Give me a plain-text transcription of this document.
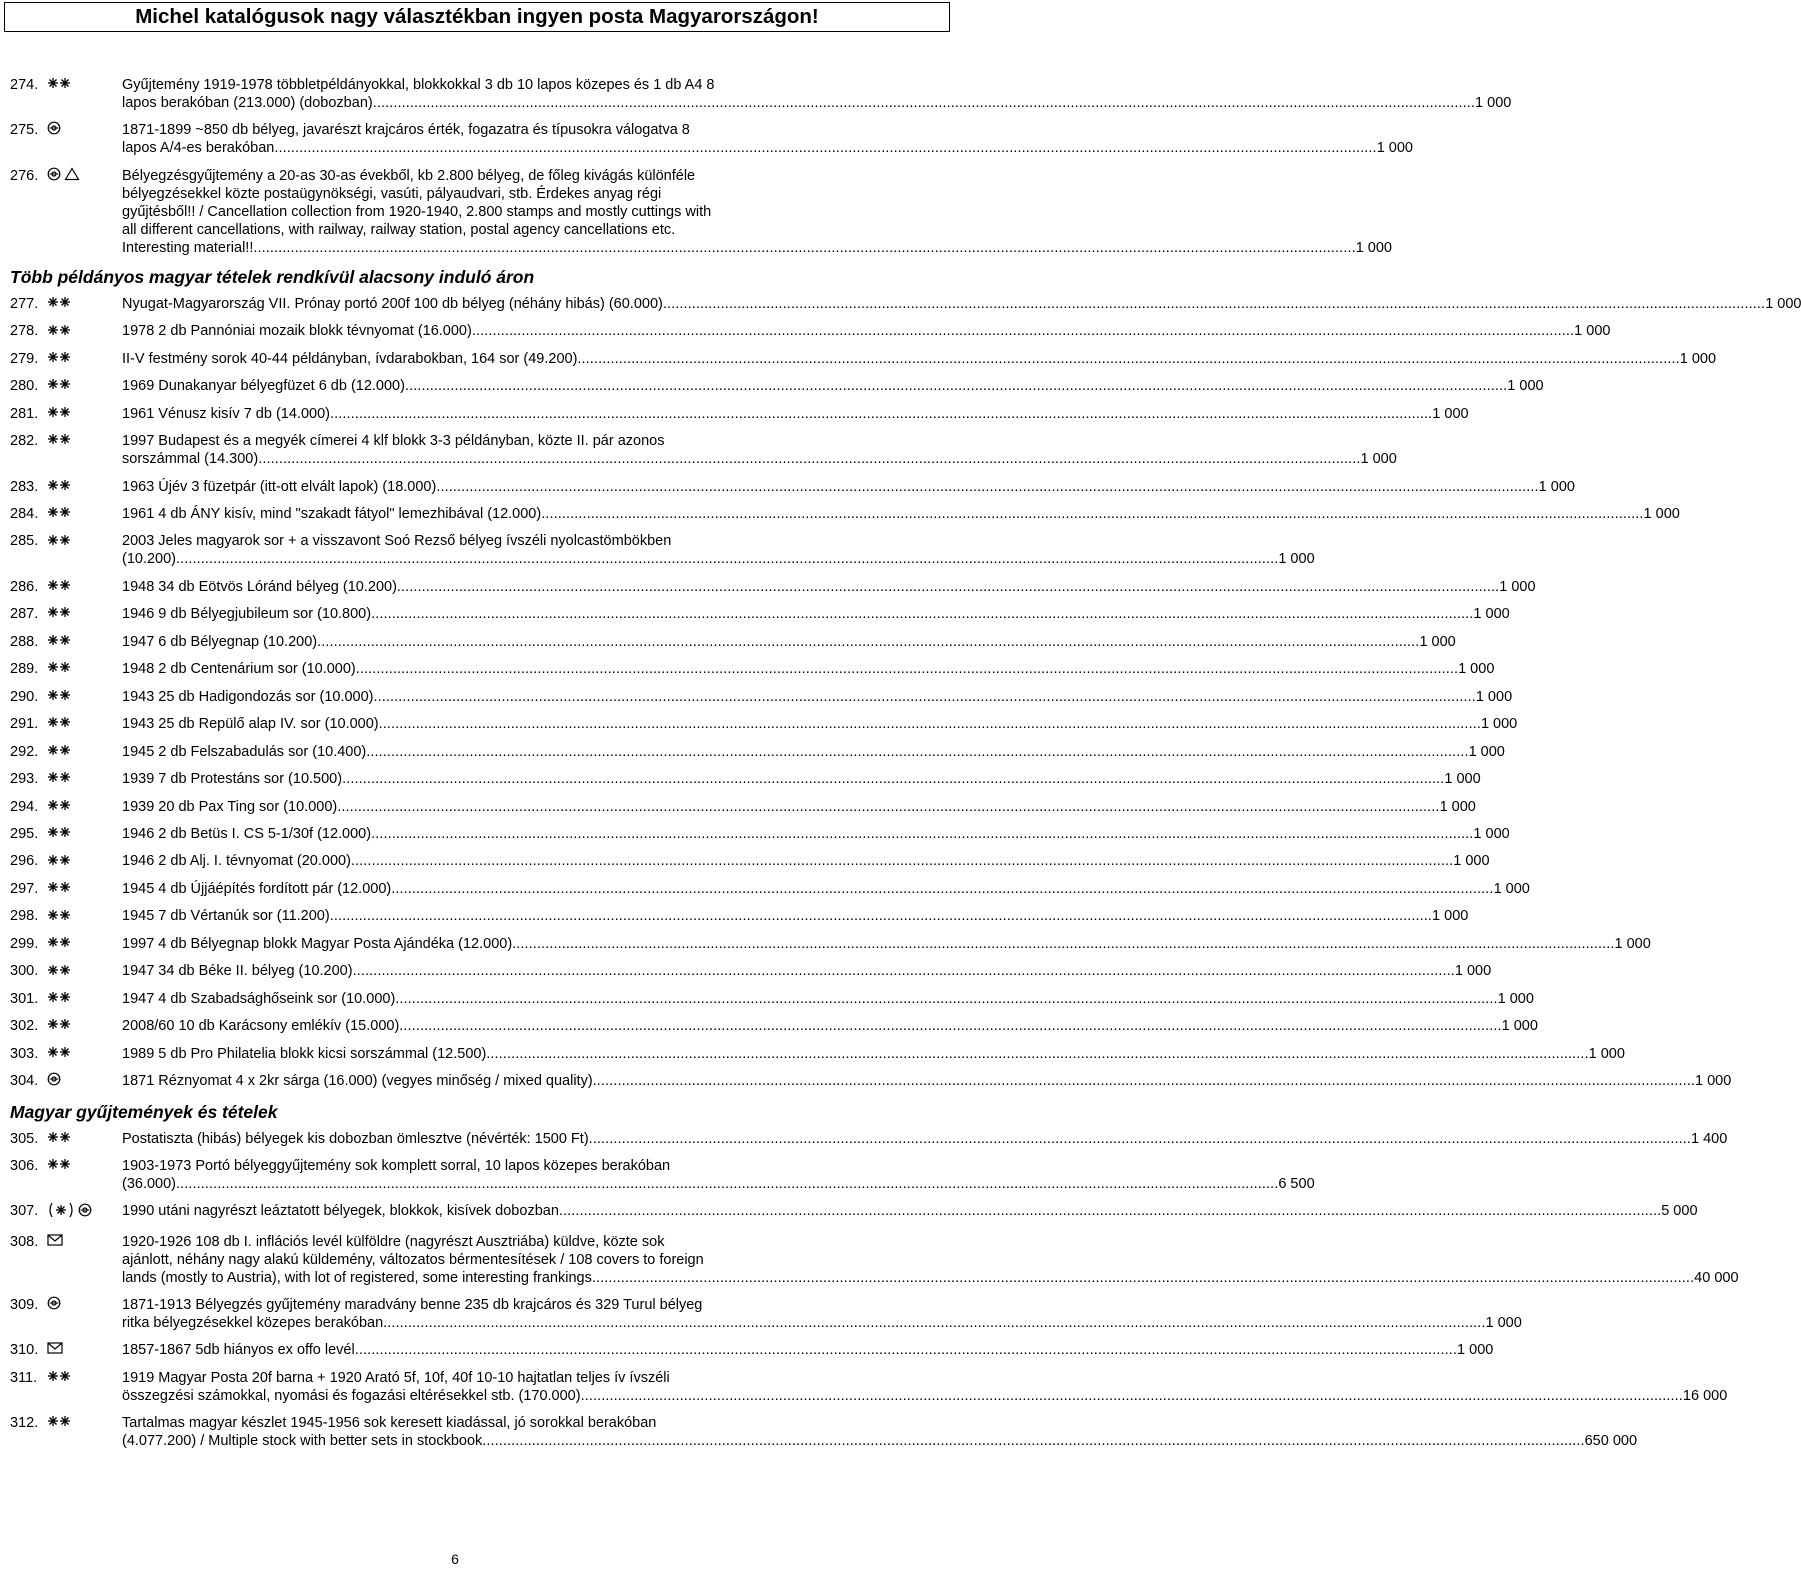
Michel katalógusok nagy választékban ingyen posta Magyarországon!
274.	Gyűjtemény 1919-1978 többletpéldányokkal, blokkokkal 3 db 10 lapos közepes és 1 db A4 8
lapos berakóban (213.000) (dobozban) .....	1 000
275.	1871-1899 ~850 db bélyeg, javarészt krajcáros érték, fogazatra és típusokra válogatva 8
lapos A/4-es berakóban .....	1 000
276.	Bélyegzésgyűjtemény a 20-as 30-as évekből, kb 2.800 bélyeg, de főleg kivágás különféle
bélyegzésekkel közte postaügynökségi, vasúti, pályaudvari, stb. Érdekes anyag régi
gyűjtésből!! / Cancellation collection from 1920-1940, 2.800 stamps and mostly cuttings with
all different cancellations, with railway, railway station, postal agency cancellations etc.
Interesting material!! .....	1 000
Több példányos magyar tételek rendkívül alacsony induló áron
277.	Nyugat-Magyarország VII. Prónay portó 200f 100 db bélyeg (néhány hibás) (60.000) .....	1 000
278.	1978 2 db Pannóniai mozaik blokk tévnyomat (16.000) .....	1 000
279.	II-V festmény sorok 40-44 példányban, ívdarabokban, 164 sor (49.200) .....	1 000
280.	1969 Dunakanyar bélyegfüzet 6 db (12.000) .....	1 000
281.	1961 Vénusz kisív 7 db (14.000) .....	1 000
282.	1997 Budapest és a megyék címerei 4 klf blokk 3-3 példányban, közte II. pár azonos
sorszámmal (14.300) .....	1 000
283.	1963 Újév 3 füzetpár (itt-ott elvált lapok) (18.000) .....	1 000
284.	1961 4 db ÁNY kisív, mind "szakadt fátyol" lemezhibával (12.000) .....	1 000
285.	2003 Jeles magyarok sor + a visszavont Soó Rezső bélyeg ívszéli nyolcastömbökben
(10.200) .....	1 000
286.	1948 34 db Eötvös Lóránd bélyeg (10.200) .....	1 000
287.	1946 9 db Bélyegjubileum sor (10.800) .....	1 000
288.	1947 6 db Bélyegnap (10.200) .....	1 000
289.	1948 2 db Centenárium sor (10.000) .....	1 000
290.	1943 25 db Hadigondozás sor (10.000) .....	1 000
291.	1943 25 db Repülő alap IV. sor (10.000) .....	1 000
292.	1945 2 db Felszabadulás sor (10.400) .....	1 000
293.	1939 7 db Protestáns sor (10.500) .....	1 000
294.	1939 20 db Pax Ting sor (10.000) .....	1 000
295.	1946 2 db Betüs I. CS 5-1/30f (12.000) .....	1 000
296.	1946 2 db Alj. I. tévnyomat (20.000) .....	1 000
297.	1945 4 db Újjáépítés fordított pár (12.000) .....	1 000
298.	1945 7 db Vértanúk sor (11.200) .....	1 000
299.	1997 4 db Bélyegnap blokk Magyar Posta Ajándéka (12.000) .....	1 000
300.	1947 34 db Béke II. bélyeg (10.200) .....	1 000
301.	1947 4 db Szabadsághőseink sor (10.000) .....	1 000
302.	2008/60 10 db Karácsony emlékív (15.000) .....	1 000
303.	1989 5 db Pro Philatelia blokk kicsi sorszámmal (12.500) .....	1 000
304.	1871 Réznyomat 4 x 2kr sárga (16.000) (vegyes minőség / mixed quality) .....	1 000
Magyar gyűjtemények és tételek
305.	Postatiszta (hibás) bélyegek kis dobozban ömlesztve (névérték: 1500 Ft) .....	1 400
306.	1903-1973 Portó bélyeggyűjtemény sok komplett sorral, 10 lapos közepes berakóban
(36.000) .....	6 500
307.	1990 utáni nagyrészt leáztatott bélyegek, blokkok, kisívek dobozban .....	5 000
308.	1920-1926 108 db I. inflációs levél külföldre (nagyrészt Ausztriába) küldve, közte sok
ajánlott, néhány nagy alakú küldemény, változatos bérmentesítések / 108 covers to foreign
lands (mostly to Austria), with lot of registered, some interesting frankings .....	40 000
309.	1871-1913 Bélyegzés gyűjtemény maradvány benne 235 db krajcáros és 329 Turul bélyeg
ritka bélyegzésekkel közepes berakóban .....	1 000
310.	1857-1867 5db hiányos ex offo levél .....	1 000
311.	1919 Magyar Posta 20f barna + 1920 Arató 5f, 10f, 40f 10-10 hajtatlan teljes ív ívszéli
összegzési számokkal, nyomási és fogazási eltérésekkel stb. (170.000) .....	16 000
312.	Tartalmas magyar készlet 1945-1956 sok keresett kiadással, jó sorokkal berakóban
(4.077.200) / Multiple stock with better sets in stockbook .....	650 000
6
